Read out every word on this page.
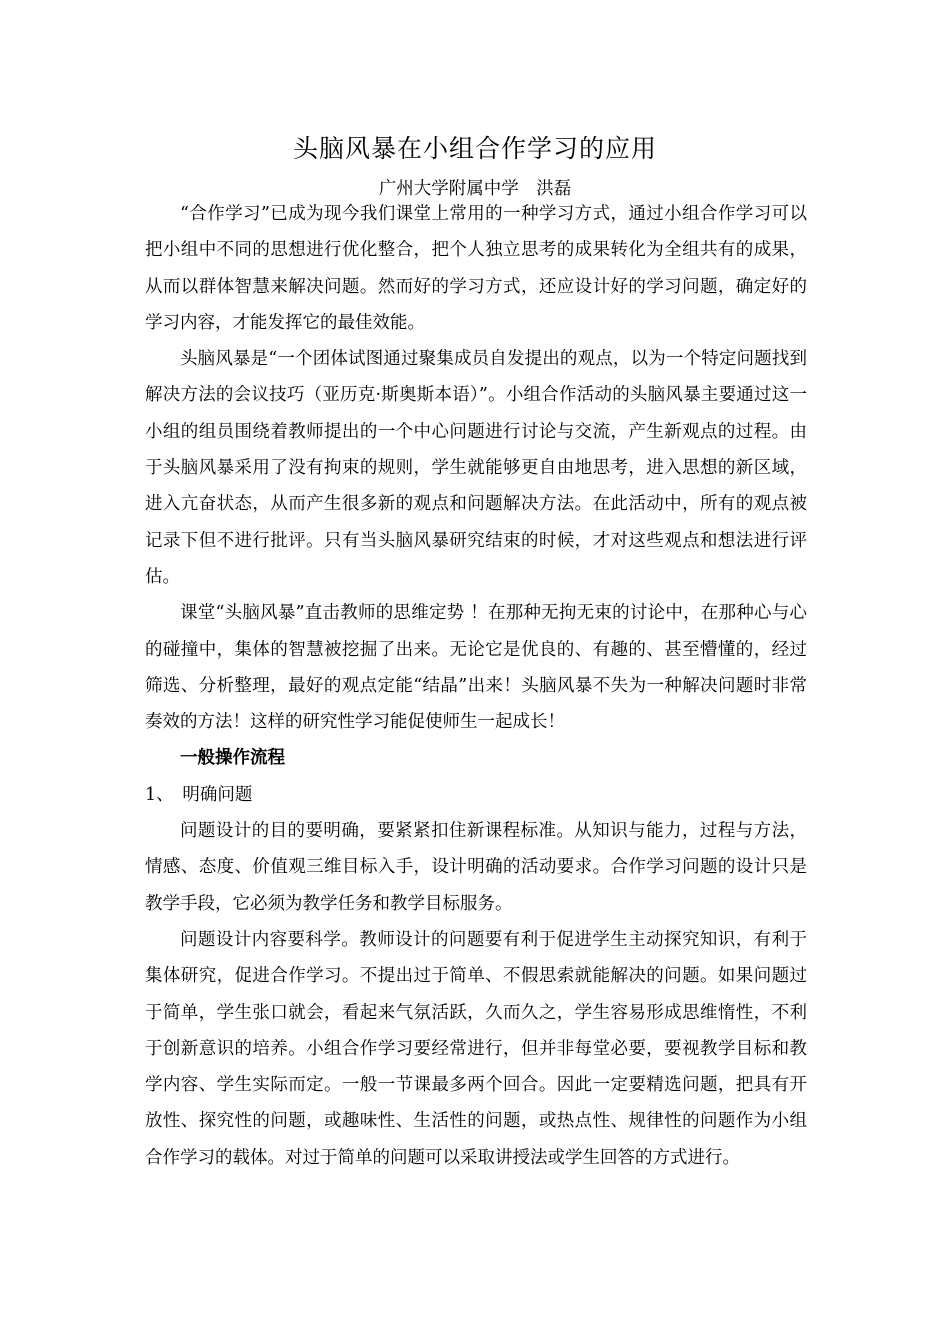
头脑风暴在小组合作学习的应用
广州大学附属中学　洪磊

“合作学习”已成为现今我们课堂上常用的一种学习方式，通过小组合作学习可以把小组中不同的思想进行优化整合，把个人独立思考的成果转化为全组共有的成果，从而以群体智慧来解决问题。然而好的学习方式，还应设计好的学习问题，确定好的学习内容，才能发挥它的最佳效能。

头脑风暴是“一个团体试图通过聚集成员自发提出的观点，以为一个特定问题找到解决方法的会议技巧（亚历克·斯奥斯本语）”。小组合作活动的头脑风暴主要通过这一小组的组员围绕着教师提出的一个中心问题进行讨论与交流，产生新观点的过程。由于头脑风暴采用了没有拘束的规则，学生就能够更自由地思考，进入思想的新区域，进入亢奋状态，从而产生很多新的观点和问题解决方法。在此活动中，所有的观点被记录下但不进行批评。只有当头脑风暴研究结束的时候，才对这些观点和想法进行评估。

课堂“头脑风暴”直击教师的思维定势 ！在那种无拘无束的讨论中，在那种心与心的碰撞中，集体的智慧被挖掘了出来。无论它是优良的、有趣的、甚至懵懂的，经过筛选、分析整理，最好的观点定能“结晶”出来！头脑风暴不失为一种解决问题时非常奏效的方法！这样的研究性学习能促使师生一起成长！

一般操作流程
1、　明确问题

问题设计的目的要明确，要紧紧扣住新课程标准。从知识与能力，过程与方法，情感、态度、价值观三维目标入手，设计明确的活动要求。合作学习问题的设计只是教学手段，它必须为教学任务和教学目标服务。

问题设计内容要科学。教师设计的问题要有利于促进学生主动探究知识，有利于集体研究，促进合作学习。不提出过于简单、不假思索就能解决的问题。如果问题过于简单，学生张口就会，看起来气氛活跃，久而久之，学生容易形成思维惰性，不利于创新意识的培养。小组合作学习要经常进行，但并非每堂必要，要视教学目标和教学内容、学生实际而定。一般一节课最多两个回合。因此一定要精选问题，把具有开放性、探究性的问题，或趣味性、生活性的问题，或热点性、规律性的问题作为小组合作学习的载体。对过于简单的问题可以采取讲授法或学生回答的方式进行。
